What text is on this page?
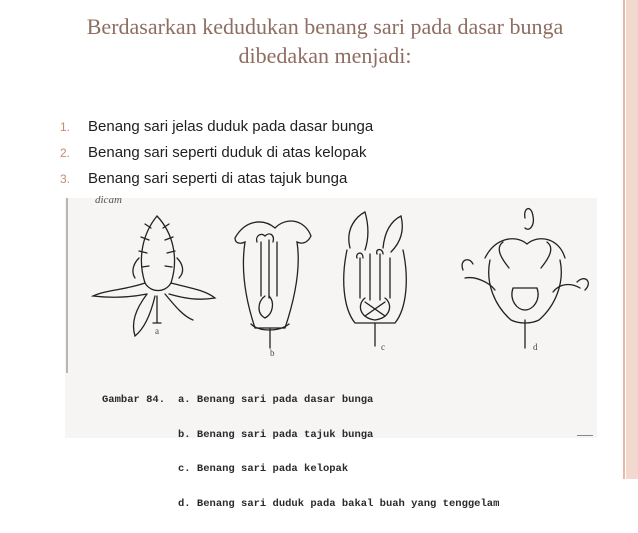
Berdasarkan kedudukan benang sari pada dasar bunga dibedakan menjadi:
1. Benang sari jelas duduk pada dasar bunga
2. Benang sari seperti duduk di atas kelopak
3. Benang sari seperti di atas tajuk bunga
dicam
a
b
c	d

Gambar 84. a. Benang sari pada dasar bunga

b. Benang sari pada tajuk bunga

c. Benang sari pada kelopak

d. Benang sari duduk pada bakal buah yang tenggelam
